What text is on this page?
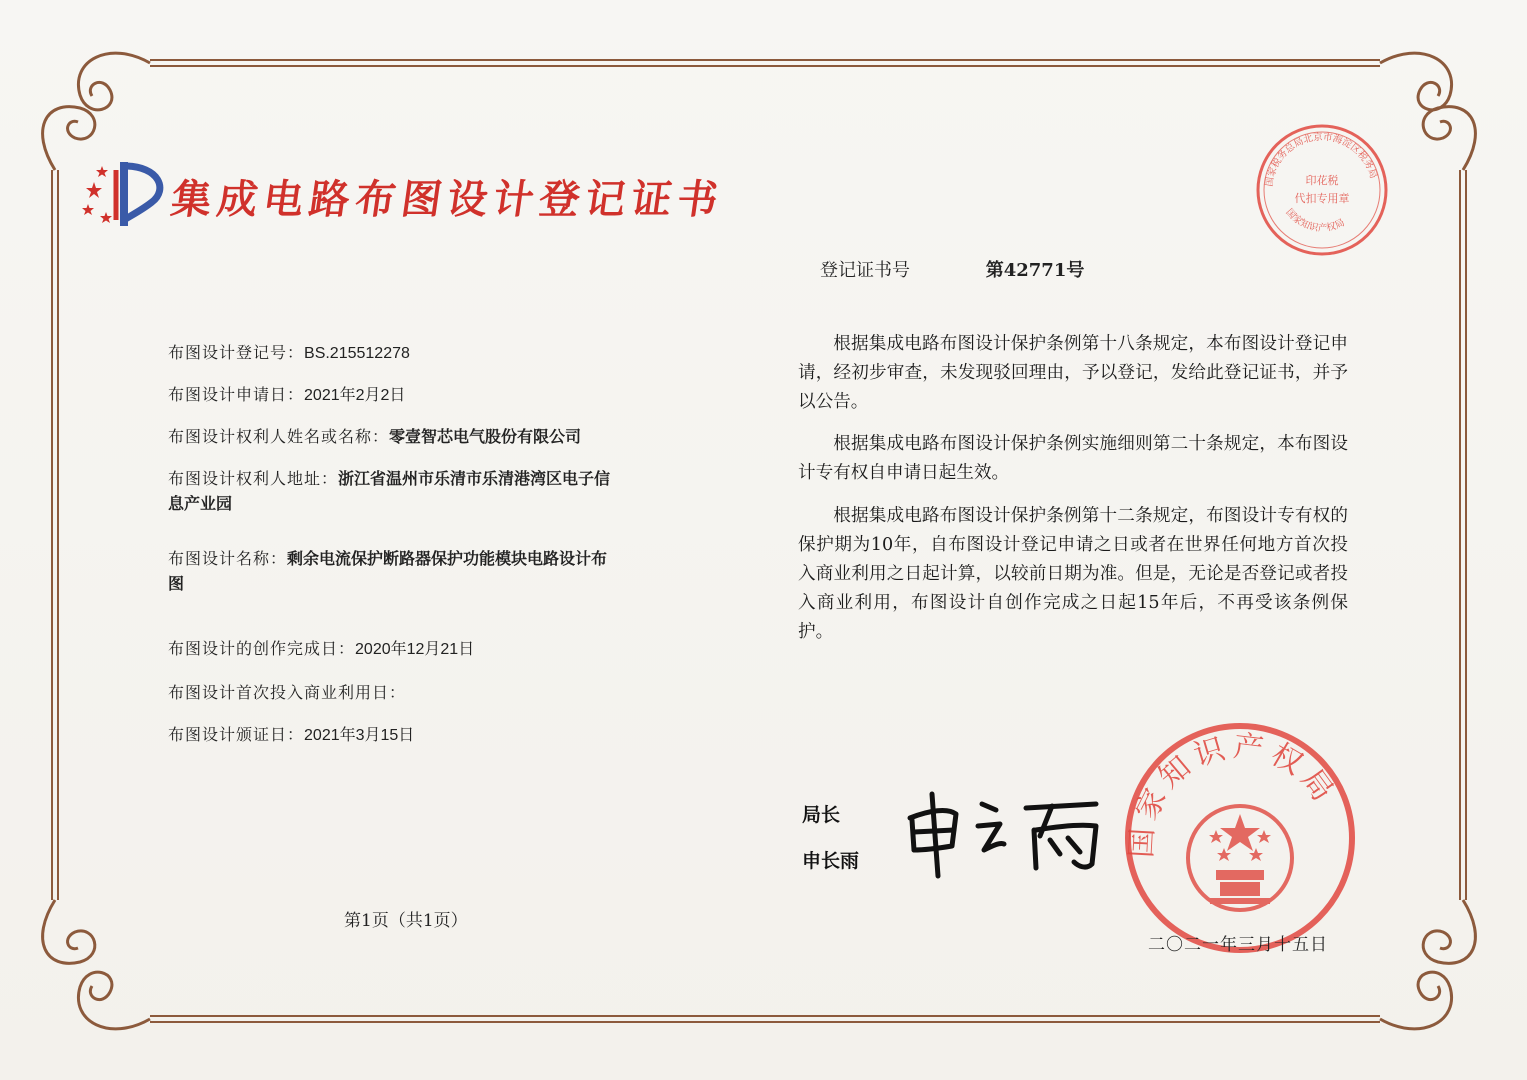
集成电路布图设计登记证书	国家税务总局北京市海淀区税务局
印花税
代扣专用章
国家知识产权局
登记证书号	第42771号
布图设计登记号：BS.215512278
布图设计申请日：2021年2月2日
布图设计权利人姓名或名称：零壹智芯电气股份有限公司
布图设计权利人地址：浙江省温州市乐清市乐清港湾区电子信息产业园
布图设计名称：剩余电流保护断路器保护功能模块电路设计布图
布图设计的创作完成日：2020年12月21日
布图设计首次投入商业利用日：
布图设计颁证日：2021年3月15日

根据集成电路布图设计保护条例第十八条规定，本布图设计登记申请，经初步审查，未发现驳回理由，予以登记，发给此登记证书，并予以公告。

根据集成电路布图设计保护条例实施细则第二十条规定，本布图设计专有权自申请日起生效。

根据集成电路布图设计保护条例第十二条规定，布图设计专有权的保护期为10年，自布图设计登记申请之日或者在世界任何地方首次投入商业利用之日起计算，以较前日期为准。但是，无论是否登记或者投入商业利用，布图设计自创作完成之日起15年后，不再受该条例保护。

局长
申长雨
国家知识产权局
第1页（共1页）
二〇二一年三月十五日
